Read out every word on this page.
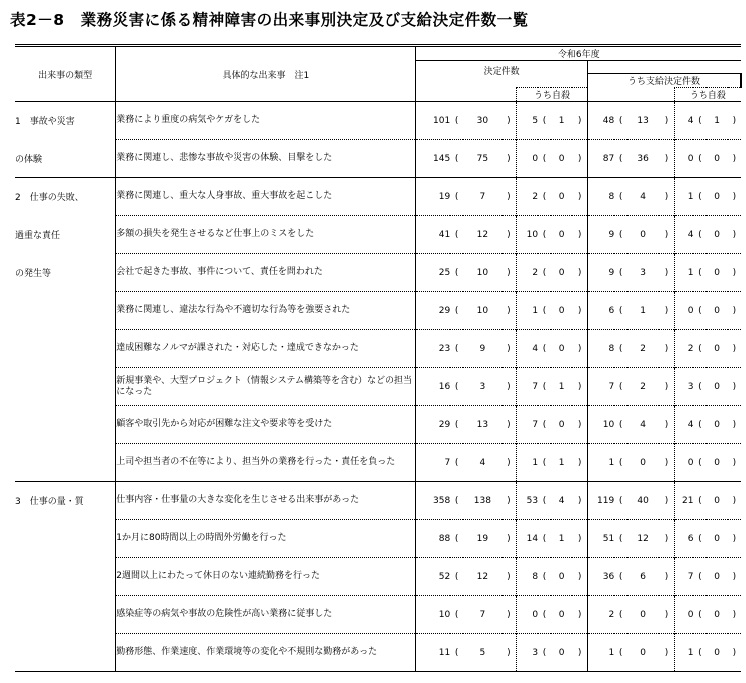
表2－8　業務災害に係る精神障害の出来事別決定及び支給決定件数一覧
出来事の類型	具体的な出来事　注1	令和6年度															
		決定件数															
										うち支給決定件数							
						うち自殺								うち自殺			
1　事故や災害	業務により重度の病気やケガをした	101	(	30	)	5	(	1	)	48	(	13	)	4	(	1	)
の体験	業務に関連し、悲惨な事故や災害の体験、目撃をした	145	(	75	)	0	(	0	)	87	(	36	)	0	(	0	)
2　仕事の失敗、	業務に関連し、重大な人身事故、重大事故を起こした	19	(	7	)	2	(	0	)	8	(	4	)	1	(	0	)
過重な責任	多額の損失を発生させるなど仕事上のミスをした	41	(	12	)	10	(	0	)	9	(	0	)	4	(	0	)
の発生等	会社で起きた事故、事件について、責任を問われた	25	(	10	)	2	(	0	)	9	(	3	)	1	(	0	)
	業務に関連し、違法な行為や不適切な行為等を強要された	29	(	10	)	1	(	0	)	6	(	1	)	0	(	0	)
	達成困難なノルマが課された・対応した・達成できなかった	23	(	9	)	4	(	0	)	8	(	2	)	2	(	0	)
	新規事業や、大型プロジェクト（情報システム構築等を含む）などの担当になった	16	(	3	)	7	(	1	)	7	(	2	)	3	(	0	)
	顧客や取引先から対応が困難な注文や要求等を受けた	29	(	13	)	7	(	0	)	10	(	4	)	4	(	0	)
	上司や担当者の不在等により、担当外の業務を行った・責任を負った	7	(	4	)	1	(	1	)	1	(	0	)	0	(	0	)
3　仕事の量・質	仕事内容・仕事量の大きな変化を生じさせる出来事があった	358	(	138	)	53	(	4	)	119	(	40	)	21	(	0	)
	1か月に80時間以上の時間外労働を行った	88	(	19	)	14	(	1	)	51	(	12	)	6	(	0	)
	2週間以上にわたって休日のない連続勤務を行った	52	(	12	)	8	(	0	)	36	(	6	)	7	(	0	)
	感染症等の病気や事故の危険性が高い業務に従事した	10	(	7	)	0	(	0	)	2	(	0	)	0	(	0	)
	勤務形態、作業速度、作業環境等の変化や不規則な勤務があった	11	(	5	)	3	(	0	)	1	(	0	)	1	(	0	)
